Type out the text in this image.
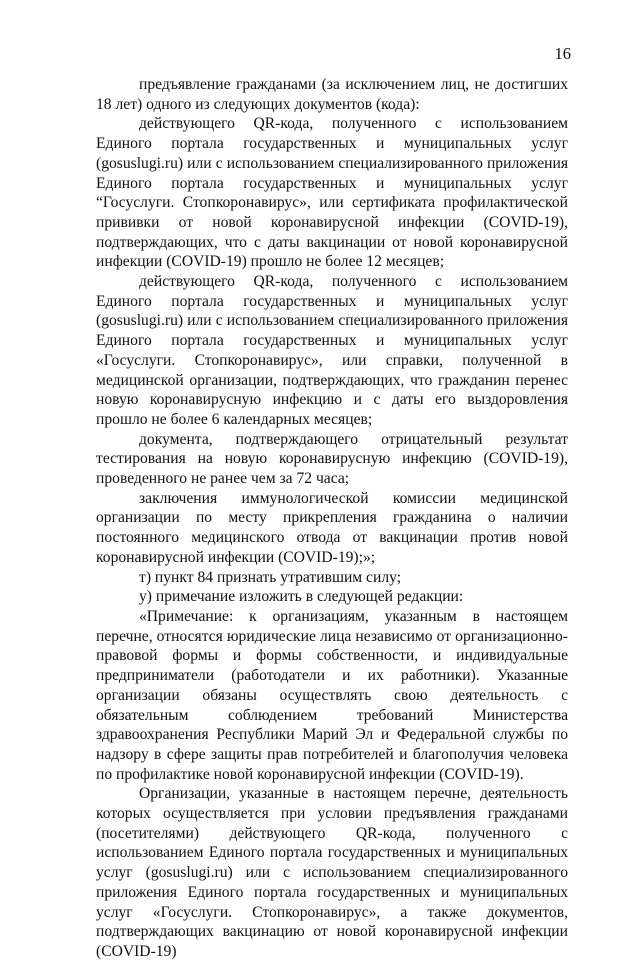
16

предъявление гражданами (за исключением лиц, не достигших 18 лет) одного из следующих документов (кода):

действующего QR-кода, полученного с использованием Единого портала государственных и муниципальных услуг (gosuslugi.ru) или с использованием специализированного приложения Единого портала государственных и муниципальных услуг “Госуслуги. Стопкоронавирус», или сертификата профилактической прививки от новой коронавирусной инфекции (COVID-19), подтверждающих, что с даты вакцинации от новой коронавирусной инфекции (COVID-19) прошло не более 12 месяцев;

действующего QR-кода, полученного с использованием Единого портала государственных и муниципальных услуг (gosuslugi.ru) или с использованием специализированного приложения Единого портала государственных и муниципальных услуг «Госуслуги. Стопкоронавирус», или справки, полученной в медицинской организации, подтверждающих, что гражданин перенес новую коронавирусную инфекцию и с даты его выздоровления прошло не более 6 календарных месяцев;

документа, подтверждающего отрицательный результат тестирования на новую коронавирусную инфекцию (COVID-19), проведенного не ранее чем за 72 часа;

заключения иммунологической комиссии медицинской организации по месту прикрепления гражданина о наличии постоянного медицинского отвода от вакцинации против новой коронавирусной инфекции (COVID-19);»;

т) пункт 84 признать утратившим силу;

у) примечание изложить в следующей редакции:

«Примечание: к организациям, указанным в настоящем перечне, относятся юридические лица независимо от организационно-правовой формы и формы собственности, и индивидуальные предприниматели (работодатели и их работники). Указанные организации обязаны осуществлять свою деятельность с обязательным соблюдением требований Министерства здравоохранения Республики Марий Эл и Федеральной службы по надзору в сфере защиты прав потребителей и благополучия человека по профилактике новой коронавирусной инфекции (COVID-19).

Организации, указанные в настоящем перечне, деятельность которых осуществляется при условии предъявления гражданами (посетителями) действующего QR-кода, полученного с использованием Единого портала государственных и муниципальных услуг (gosuslugi.ru) или с использованием специализированного приложения Единого портала государственных и муниципальных услуг «Госуслуги. Стопкоронавирус», а также документов, подтверждающих вакцинацию от новой коронавирусной инфекции (COVID-19)
